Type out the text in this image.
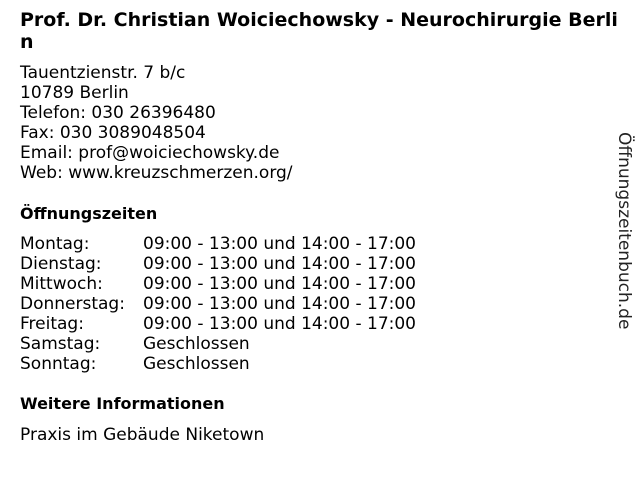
Prof. Dr. Christian Woiciechowsky - Neurochirurgie Berlin
Tauentzienstr. 7 b/c
10789 Berlin
Telefon: 030 26396480
Fax: 030 3089048504
Email: prof@woiciechowsky.de
Web: www.kreuzschmerzen.org/
Öffnungszeiten
Montag:	09:00 - 13:00 und 14:00 - 17:00
Dienstag:	09:00 - 13:00 und 14:00 - 17:00
Mittwoch:	09:00 - 13:00 und 14:00 - 17:00
Donnerstag:	09:00 - 13:00 und 14:00 - 17:00
Freitag:	09:00 - 13:00 und 14:00 - 17:00
Samstag:	Geschlossen
Sonntag:	Geschlossen
Weitere Informationen
Praxis im Gebäude Niketown
Öffnungszeitenbuch.de
